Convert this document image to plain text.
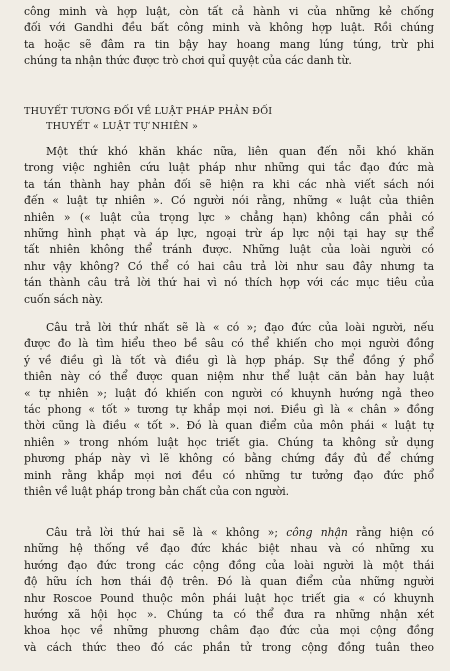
công minh và hợp luật, còn tất cả hành vi của những kẻ chống
đối với Gandhi đều bất công minh và không hợp luật. Rồi chúng
ta hoặc sẽ đâm ra tin bậy hay hoang mang lúng túng, trừ phi
chúng ta nhận thức được trò chơi quỉ quyệt của các danh từ.
THUYẾT TƯƠNG ĐỐI VỀ LUẬT PHÁP PHẢN ĐỐI
THUYẾT « LUẬT TỰ NHIÊN »
Một thứ khó khăn khác nữa, liên quan đến nỗi khó khăn
trong việc nghiên cứu luật pháp như những qui tắc đạo đức mà
ta tán thành hay phản đối sẽ hiện ra khi các nhà viết sách nói
đến « luật tự nhiên ». Có người nói rằng, những « luật của thiên
nhiên » (« luật của trọng lực » chẳng hạn) không cần phải có
những hình phạt và áp lực, ngoại trừ áp lực nội tại hay sự thể
tất nhiên không thể tránh được. Những luật của loài người có
như vậy không? Có thể có hai câu trả lời như sau đây nhưng ta
tán thành câu trả lời thứ hai vì nó thích hợp với các mục tiêu của
cuốn sách này.
Câu trả lời thứ nhất sẽ là « có »; đạo đức của loài người, nếu
được đo là tìm hiểu theo bề sâu có thể khiến cho mọi người đồng
ý về điều gì là tốt và điều gì là hợp pháp. Sự thể đồng ý phổ
thiên này có thể được quan niệm như thể luật căn bản hay luật
« tự nhiên »; luật đó khiến con người có khuynh hướng ngả theo
tác phong « tốt » tương tự khắp mọi nơi. Điều gì là « chân » đồng
thời cũng là điều « tốt ». Đó là quan điểm của môn phái « luật tự
nhiên » trong nhóm luật học triết gia. Chúng ta không sử dụng
phương pháp này vì lẽ không có bằng chứng đầy đủ để chứng
minh rằng khắp mọi nơi đều có những tư tưởng đạo đức phổ
thiên về luật pháp trong bản chất của con người.
Câu trả lời thứ hai sẽ là « không »; công nhận rằng hiện có
những hệ thống về đạo đức khác biệt nhau và có những xu
hướng đạo đức trong các cộng đồng của loài người là một thái
độ hữu ích hơn thái độ trên. Đó là quan điểm của những người
như Roscoe Pound thuộc môn phái luật học triết gia « có khuynh
hướng xã hội học ». Chúng ta có thể đưa ra những nhận xét
khoa học về những phương châm đạo đức của mọi cộng đồng
và cách thức theo đó các phần tử trong cộng đồng tuân theo
